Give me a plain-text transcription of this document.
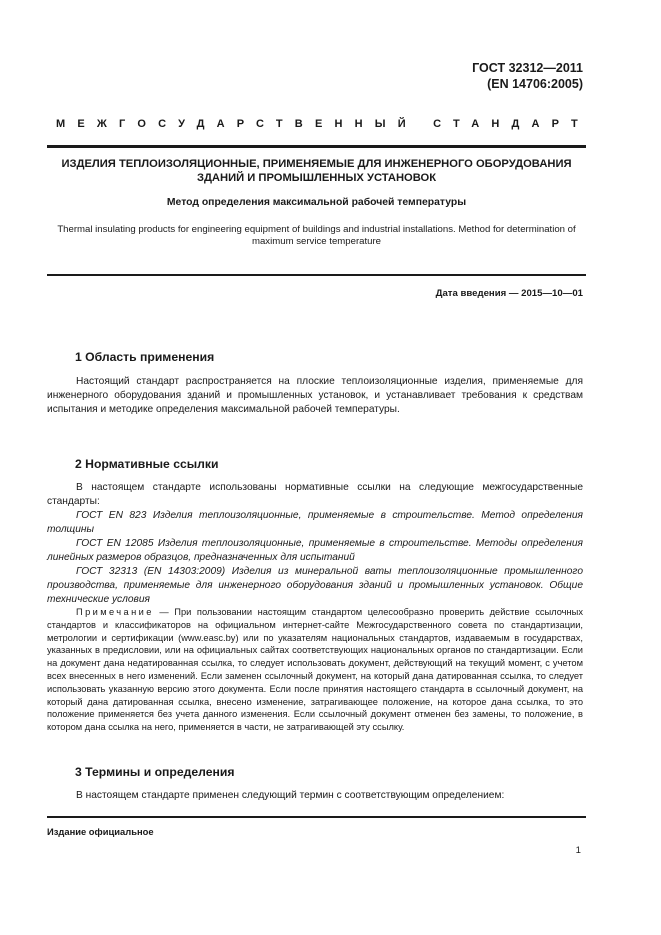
ГОСТ 32312—2011
(EN 14706:2005)
МЕЖГОСУДАРСТВЕННЫЙ СТАНДАРТ
ИЗДЕЛИЯ ТЕПЛОИЗОЛЯЦИОННЫЕ, ПРИМЕНЯЕМЫЕ ДЛЯ ИНЖЕНЕРНОГО ОБОРУДОВАНИЯ ЗДАНИЙ И ПРОМЫШЛЕННЫХ УСТАНОВОК
Метод определения максимальной рабочей температуры
Thermal insulating products for engineering equipment of buildings and industrial installations. Method for determination of maximum service temperature
Дата введения — 2015—10—01
1 Область применения

Настоящий стандарт распространяется на плоские теплоизоляционные изделия, применяемые для инженерного оборудования зданий и промышленных установок, и устанавливает требования к средствам испытания и методике определения максимальной рабочей температуры.

2 Нормативные ссылки

В настоящем стандарте использованы нормативные ссылки на следующие межгосударственные стандарты:

ГОСТ EN 823 Изделия теплоизоляционные, применяемые в строительстве. Метод определения толщины

ГОСТ EN 12085 Изделия теплоизоляционные, применяемые в строительстве. Методы определения линейных размеров образцов, предназначенных для испытаний

ГОСТ 32313 (EN 14303:2009) Изделия из минеральной ваты теплоизоляционные промышленного производства, применяемые для инженерного оборудования зданий и промышленных установок. Общие технические условия

Примечание — При пользовании настоящим стандартом целесообразно проверить действие ссылочных стандартов и классификаторов на официальном интернет-сайте Межгосударственного совета по стандартизации, метрологии и сертификации (www.easc.by) или по указателям национальных стандартов, издаваемым в государствах, указанных в предисловии, или на официальных сайтах соответствующих национальных органов по стандартизации. Если на документ дана недатированная ссылка, то следует использовать документ, действующий на текущий момент, с учетом всех внесенных в него изменений. Если заменен ссылочный документ, на который дана датированная ссылка, то следует использовать указанную версию этого документа. Если после принятия настоящего стандарта в ссылочный документ, на который дана датированная ссылка, внесено изменение, затрагивающее положение, на которое дана ссылка, то это положение применяется без учета данного изменения. Если ссылочный документ отменен без замены, то положение, в котором дана ссылка на него, применяется в части, не затрагивающей эту ссылку.

3 Термины и определения

В настоящем стандарте применен следующий термин с соответствующим определением:

Издание официальное
1
